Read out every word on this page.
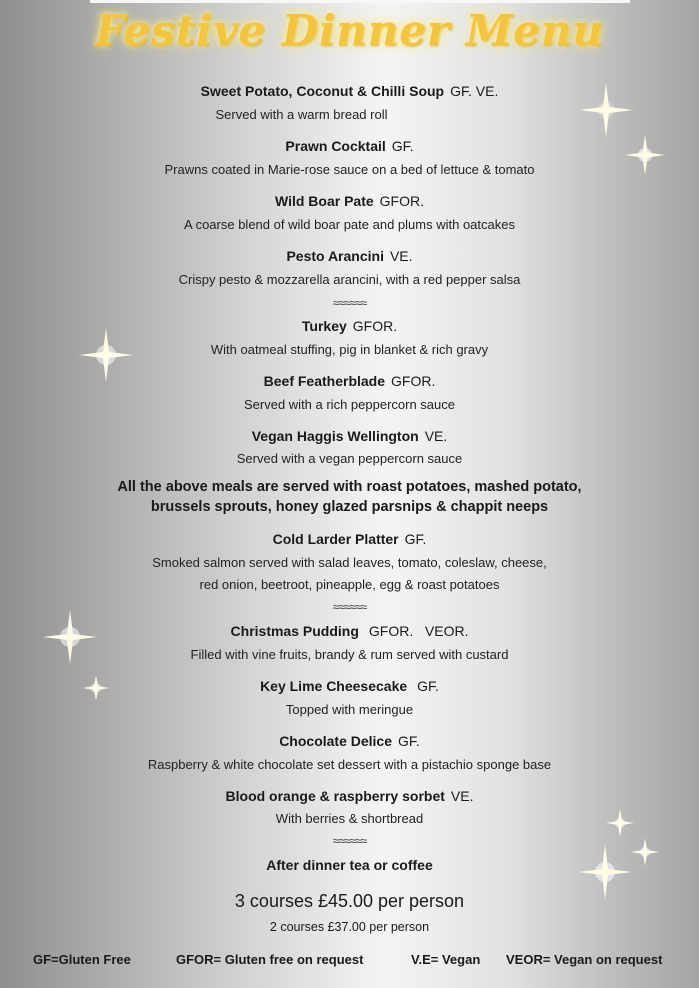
Festive Dinner Menu
Sweet Potato, Coconut & Chilli Soup GF. VE.
Served with a warm bread roll
Prawn Cocktail GF.
Prawns coated in Marie-rose sauce on a bed of lettuce & tomato
Wild Boar Pate GFOR.
A coarse blend of wild boar pate and plums with oatcakes
Pesto Arancini VE.
Crispy pesto & mozzarella arancini, with a red pepper salsa
≈≈≈≈≈≈
Turkey GFOR.
With oatmeal stuffing, pig in blanket & rich gravy
Beef Featherblade GFOR.
Served with a rich peppercorn sauce
Vegan Haggis Wellington VE.
Served with a vegan peppercorn sauce
All the above meals are served with roast potatoes, mashed potato,
brussels sprouts, honey glazed parsnips & chappit neeps
Cold Larder Platter GF.
Smoked salmon served with salad leaves, tomato, coleslaw, cheese,
red onion, beetroot, pineapple, egg & roast potatoes
≈≈≈≈≈≈
Christmas Pudding GFOR.   VEOR.
Filled with vine fruits, brandy & rum served with custard
Key Lime Cheesecake GF.
Topped with meringue
Chocolate Delice GF.
Raspberry & white chocolate set dessert with a pistachio sponge base
Blood orange & raspberry sorbet VE.
With berries & shortbread
≈≈≈≈≈≈
After dinner tea or coffee
3 courses £45.00 per person
2 courses £37.00 per person
GF=Gluten Free	GFOR= Gluten free on request	V.E= Vegan VEOR= Vegan on request
